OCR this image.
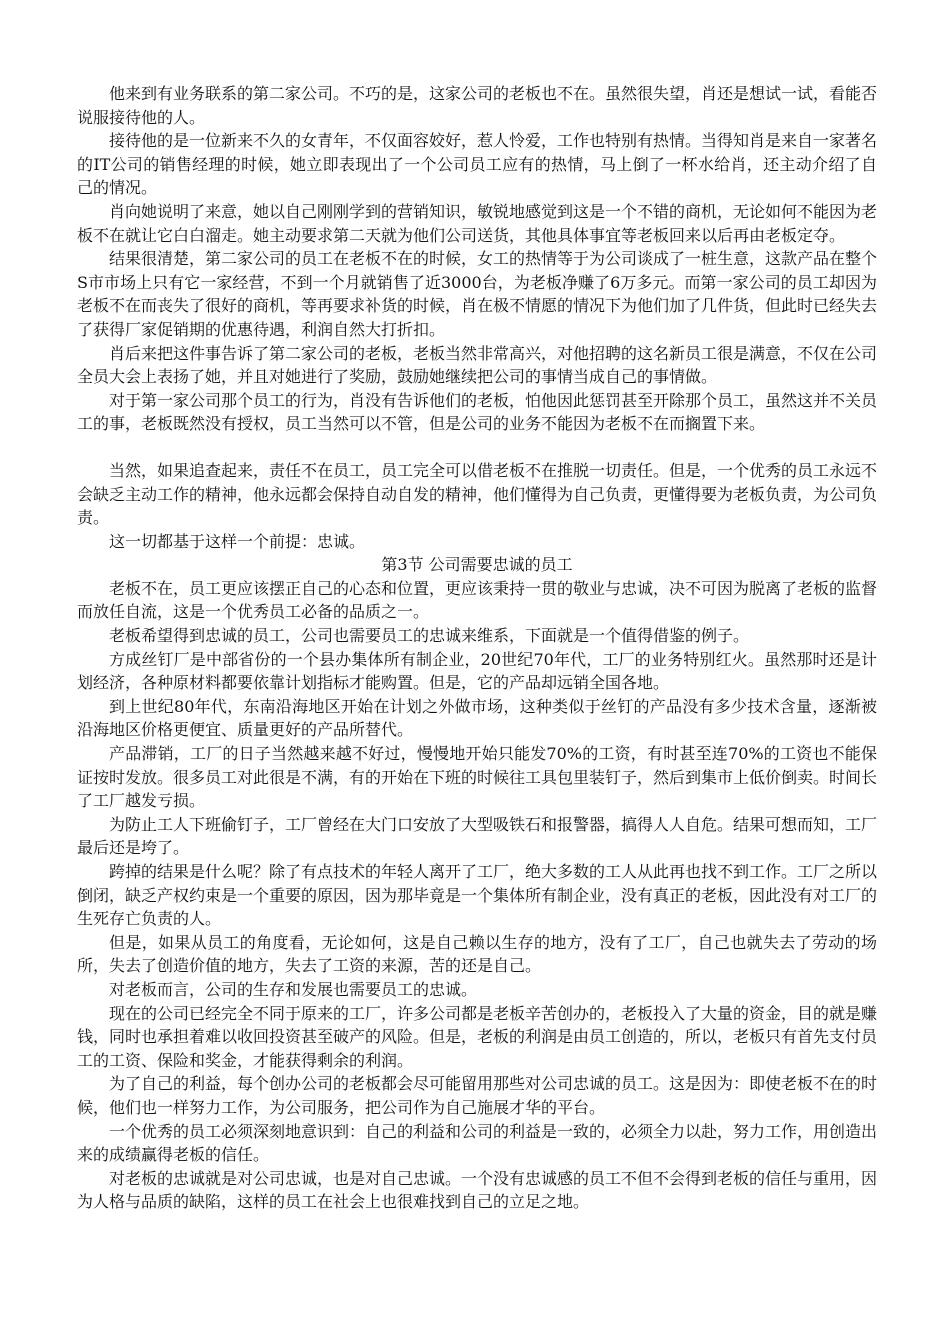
他来到有业务联系的第二家公司。不巧的是，这家公司的老板也不在。虽然很失望，肖还是想试一试，看能否说服接待他的人。

接待他的是一位新来不久的女青年，不仅面容姣好，惹人怜爱，工作也特别有热情。当得知肖是来自一家著名的IT公司的销售经理的时候，她立即表现出了一个公司员工应有的热情，马上倒了一杯水给肖，还主动介绍了自己的情况。

肖向她说明了来意，她以自己刚刚学到的营销知识，敏锐地感觉到这是一个不错的商机，无论如何不能因为老板不在就让它白白溜走。她主动要求第二天就为他们公司送货，其他具体事宜等老板回来以后再由老板定夺。

结果很清楚，第二家公司的员工在老板不在的时候，女工的热情等于为公司谈成了一桩生意，这款产品在整个S市市场上只有它一家经营，不到一个月就销售了近3000台，为老板净赚了6万多元。而第一家公司的员工却因为老板不在而丧失了很好的商机，等再要求补货的时候，肖在极不情愿的情况下为他们加了几件货，但此时已经失去了获得厂家促销期的优惠待遇，利润自然大打折扣。

肖后来把这件事告诉了第二家公司的老板，老板当然非常高兴，对他招聘的这名新员工很是满意，不仅在公司全员大会上表扬了她，并且对她进行了奖励，鼓励她继续把公司的事情当成自己的事情做。

对于第一家公司那个员工的行为，肖没有告诉他们的老板，怕他因此惩罚甚至开除那个员工，虽然这并不关员工的事，老板既然没有授权，员工当然可以不管，但是公司的业务不能因为老板不在而搁置下来。

当然，如果追查起来，责任不在员工，员工完全可以借老板不在推脱一切责任。但是，一个优秀的员工永远不会缺乏主动工作的精神，他永远都会保持自动自发的精神，他们懂得为自己负责，更懂得要为老板负责，为公司负责。

这一切都基于这样一个前提：忠诚。

第3节 公司需要忠诚的员工

老板不在，员工更应该摆正自己的心态和位置，更应该秉持一贯的敬业与忠诚，决不可因为脱离了老板的监督而放任自流，这是一个优秀员工必备的品质之一。

老板希望得到忠诚的员工，公司也需要员工的忠诚来维系，下面就是一个值得借鉴的例子。

方成丝钉厂是中部省份的一个县办集体所有制企业，20世纪70年代，工厂的业务特别红火。虽然那时还是计划经济，各种原材料都要依靠计划指标才能购置。但是，它的产品却远销全国各地。

到上世纪80年代，东南沿海地区开始在计划之外做市场，这种类似于丝钉的产品没有多少技术含量，逐渐被沿海地区价格更便宜、质量更好的产品所替代。

产品滞销，工厂的日子当然越来越不好过，慢慢地开始只能发70%的工资，有时甚至连70%的工资也不能保证按时发放。很多员工对此很是不满，有的开始在下班的时候往工具包里装钉子，然后到集市上低价倒卖。时间长了工厂越发亏损。

为防止工人下班偷钉子，工厂曾经在大门口安放了大型吸铁石和报警器，搞得人人自危。结果可想而知，工厂最后还是垮了。

跨掉的结果是什么呢？除了有点技术的年轻人离开了工厂，绝大多数的工人从此再也找不到工作。工厂之所以倒闭，缺乏产权约束是一个重要的原因，因为那毕竟是一个集体所有制企业，没有真正的老板，因此没有对工厂的生死存亡负责的人。

但是，如果从员工的角度看，无论如何，这是自己赖以生存的地方，没有了工厂，自己也就失去了劳动的场所，失去了创造价值的地方，失去了工资的来源，苦的还是自己。

对老板而言，公司的生存和发展也需要员工的忠诚。

现在的公司已经完全不同于原来的工厂，许多公司都是老板辛苦创办的，老板投入了大量的资金，目的就是赚钱，同时也承担着难以收回投资甚至破产的风险。但是，老板的利润是由员工创造的，所以，老板只有首先支付员工的工资、保险和奖金，才能获得剩余的利润。

为了自己的利益，每个创办公司的老板都会尽可能留用那些对公司忠诚的员工。这是因为：即使老板不在的时候，他们也一样努力工作，为公司服务，把公司作为自己施展才华的平台。

一个优秀的员工必须深刻地意识到：自己的利益和公司的利益是一致的，必须全力以赴，努力工作，用创造出来的成绩赢得老板的信任。

对老板的忠诚就是对公司忠诚，也是对自己忠诚。一个没有忠诚感的员工不但不会得到老板的信任与重用，因为人格与品质的缺陷，这样的员工在社会上也很难找到自己的立足之地。
